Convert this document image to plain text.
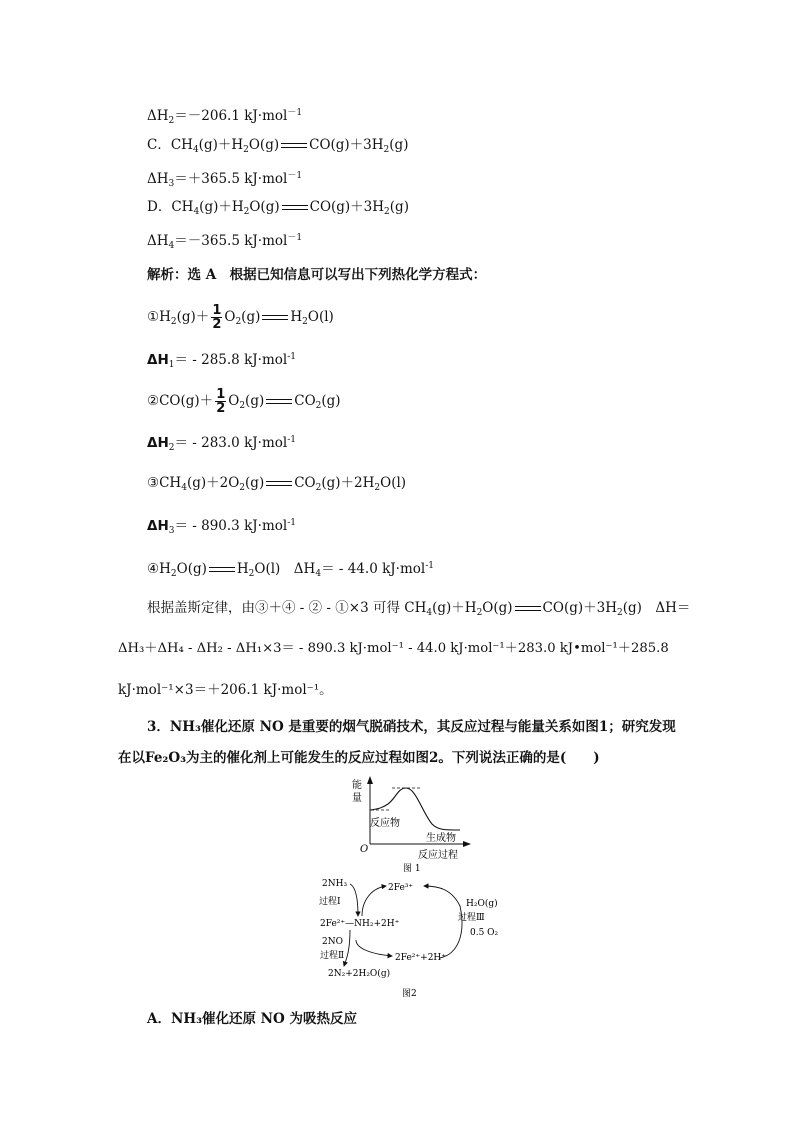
$\Delta H_2=-206.1$ kJ·mol$^{-1}$
C．$CH_4(g)+H_2O(g)$ $CO(g)+3H_2(g)$
$\Delta H_3=+365.5$ kJ·mol$^{-1}$
D．$CH_4(g)+H_2O(g)$ $CO(g)+3H_2(g)$
$\Delta H_4=-365.5$ kJ·mol$^{-1}$
解析：选 A　根据已知信息可以写出下列热化学方程式：
$①H_2(g)+ \frac{1}{2} O_2(g)$ $H_2O(l)$
$\Delta H_1= - 285.8$ kJ·mol$^{-1}$
②CO(g)＋ $\frac{1}{2} O_2(g)$ $CO_2(g)$
$\Delta H_2= - 283.0$ kJ·mol$^{-1}$
$③CH_4(g)+2O_2(g)$ $CO_2(g)+2H_2O(l)$
$\Delta H_3= - 890.3$ kJ·mol$^{-1}$
$④H_2O(g)$ $H_2O(l)$　$\Delta H_4= - 44.0$ kJ·mol$^{-1}$
根据盖斯定律，由③＋④ - ② - ①×3 可得 $CH_4(g)+H_2O(g)$ $CO(g)+3H_2(g)$　ΔH＝
ΔH₃＋ΔH₄ - ΔH₂ - ΔH₁×3＝ - 890.3 kJ·mol⁻¹ - 44.0 kJ·mol⁻¹＋283.0 kJ•mol⁻¹＋285.8
kJ·mol⁻¹×3＝＋206.1 kJ·mol⁻¹。
3．NH₃催化还原 NO 是重要的烟气脱硝技术，其反应过程与能量关系如图1；研究发现
在以Fe₂O₃为主的催化剂上可能发生的反应过程如图2。下列说法正确的是(　　)
能
量
反应物
生成物
O
反应过程
图 1
2NH₃
过程Ⅰ
2Fe³⁺
2Fe²⁺—NH₂+2H⁺
H₂O(g)
过程Ⅲ
0.5 O₂
2NO
过程Ⅱ	2Fe²⁺+2H⁺
2N₂+2H₂O(g)
图2
A．NH₃催化还原 NO 为吸热反应
